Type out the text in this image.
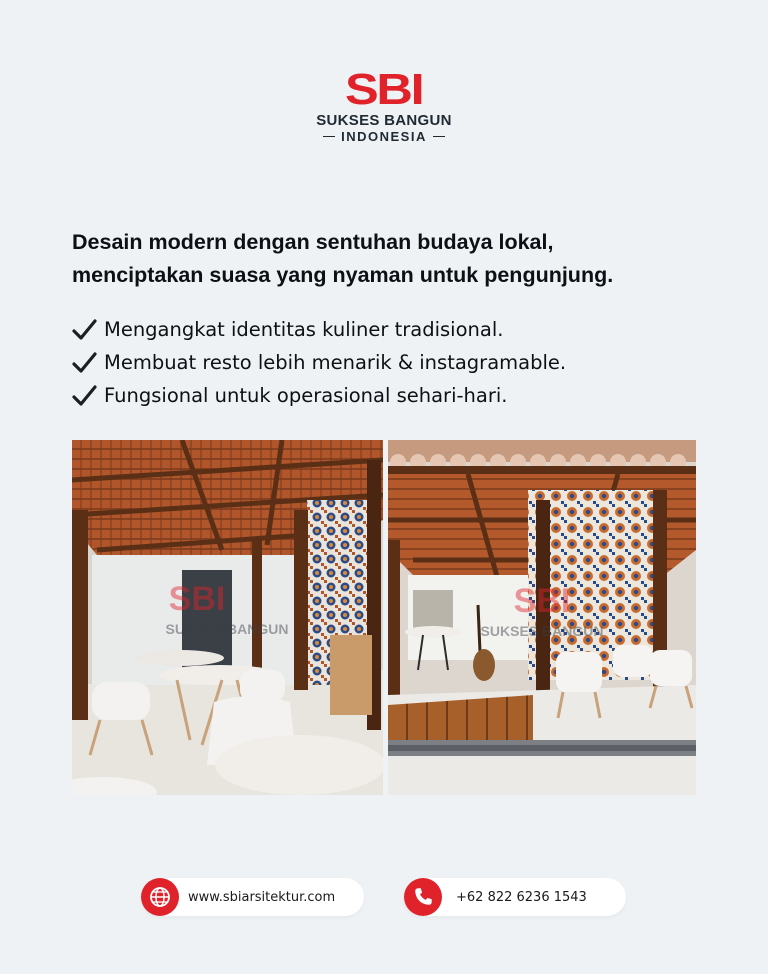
SBI
SUKSES BANGUN
INDONESIA
Desain modern dengan sentuhan budaya lokal,
menciptakan suasa yang nyaman untuk pengunjung.
Mengangkat identitas kuliner tradisional.
Membuat resto lebih menarik & instagramable.
Fungsional untuk operasional sehari-hari.
SBI
SUKSES BANGUN
SBI
SUKSES BANGUN
www.sbiarsitektur.com	+62 822 6236 1543
